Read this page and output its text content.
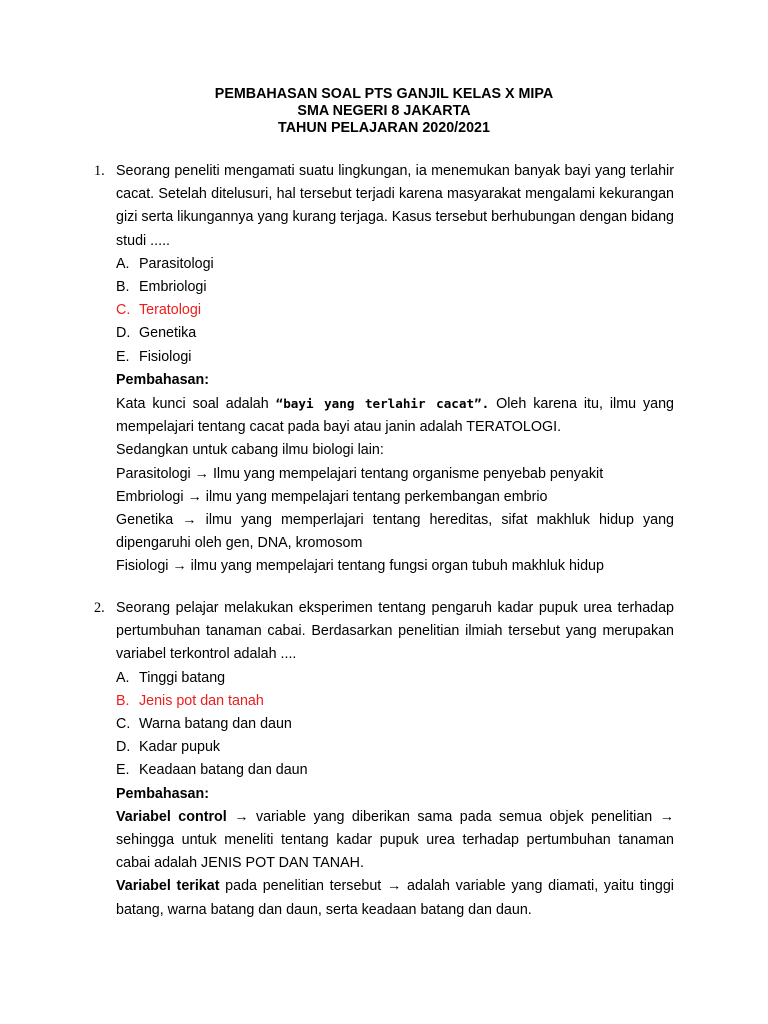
PEMBAHASAN SOAL PTS GANJIL KELAS X MIPA
SMA NEGERI 8 JAKARTA
TAHUN PELAJARAN 2020/2021
1. Seorang peneliti mengamati suatu lingkungan, ia menemukan banyak bayi yang terlahir cacat. Setelah ditelusuri, hal tersebut terjadi karena masyarakat mengalami kekurangan gizi serta likungannya yang kurang terjaga. Kasus tersebut berhubungan dengan bidang studi .....
A. Parasitologi
B. Embriologi
C. Teratologi
D. Genetika
E. Fisiologi
Pembahasan:
Kata kunci soal adalah “bayi yang terlahir cacat”. Oleh karena itu, ilmu yang mempelajari tentang cacat pada bayi atau janin adalah TERATOLOGI.
Sedangkan untuk cabang ilmu biologi lain:
Parasitologi → Ilmu yang mempelajari tentang organisme penyebab penyakit
Embriologi → ilmu yang mempelajari tentang perkembangan embrio
Genetika → ilmu yang memperlajari tentang hereditas, sifat makhluk hidup yang dipengaruhi oleh gen, DNA, kromosom
Fisiologi → ilmu yang mempelajari tentang fungsi organ tubuh makhluk hidup
2. Seorang pelajar melakukan eksperimen tentang pengaruh kadar pupuk urea terhadap pertumbuhan tanaman cabai. Berdasarkan penelitian ilmiah tersebut yang merupakan variabel terkontrol adalah ....
A. Tinggi batang
B. Jenis pot dan tanah
C. Warna batang dan daun
D. Kadar pupuk
E. Keadaan batang dan daun
Pembahasan:
Variabel control → variable yang diberikan sama pada semua objek penelitian → sehingga untuk meneliti tentang kadar pupuk urea terhadap pertumbuhan tanaman cabai adalah JENIS POT DAN TANAH.
Variabel terikat pada penelitian tersebut → adalah variable yang diamati, yaitu tinggi batang, warna batang dan daun, serta keadaan batang dan daun.
